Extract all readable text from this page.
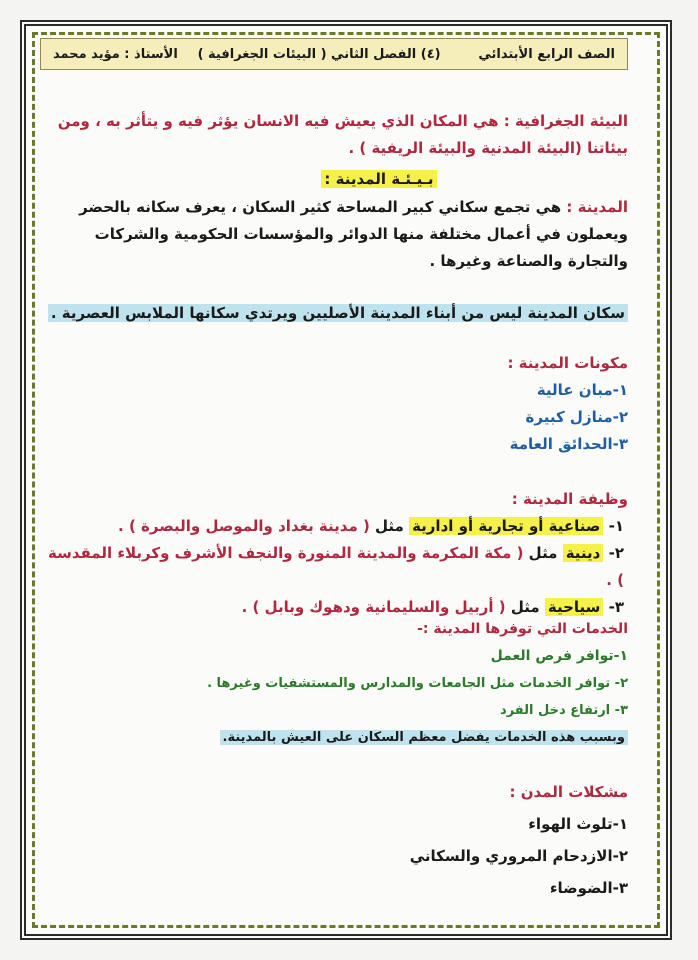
الصف الرابع الأبتدائي
(٤) الفصل الثاني ( البيئات الجغرافية )
الأستاذ : مؤيد محمد
البيئة الجغرافية : هي المكان الذي يعيش فيه الانسان يؤثر فيه و يتأثر به ، ومن بيئاتنا (البيئة المدنية والبيئة الريفية ) .
بـيـئـة المدينة :
المدينة : هي تجمع سكاني كبير المساحة كثير السكان ، يعرف سكانه بالحضر ويعملون في أعمال مختلفة منها الدوائر والمؤسسات الحكومية والشركات والتجارة والصناعة وغيرها .
سكان المدينة ليس من أبناء المدينة الأصليين ويرتدي سكانها الملابس العصرية .
مكونات المدينة :
١-مبان عالية
٢-منازل كبيرة
٣-الحدائق العامة
وظيفة المدينة :
١- صناعية أو تجارية أو ادارية مثل ( مدينة بغداد والموصل والبصرة ) .
٢- دينية مثل ( مكة المكرمة والمدينة المنورة والنجف الأشرف وكربلاء المقدسة ) .
٣- سياحية مثل ( أربيل والسليمانية ودهوك وبابل ) .
الخدمات التي توفرها المدينة :-
١-توافر فرص العمل
٢- توافر الخدمات مثل الجامعات والمدارس والمستشفيات وغيرها .
٣- ارتفاع دخل الفرد
وبسبب هذه الخدمات يفضل معظم السكان على العيش بالمدينة.
مشكلات المدن :
١-تلوث الهواء
٢-الازدحام المروري والسكاني
٣-الضوضاء
